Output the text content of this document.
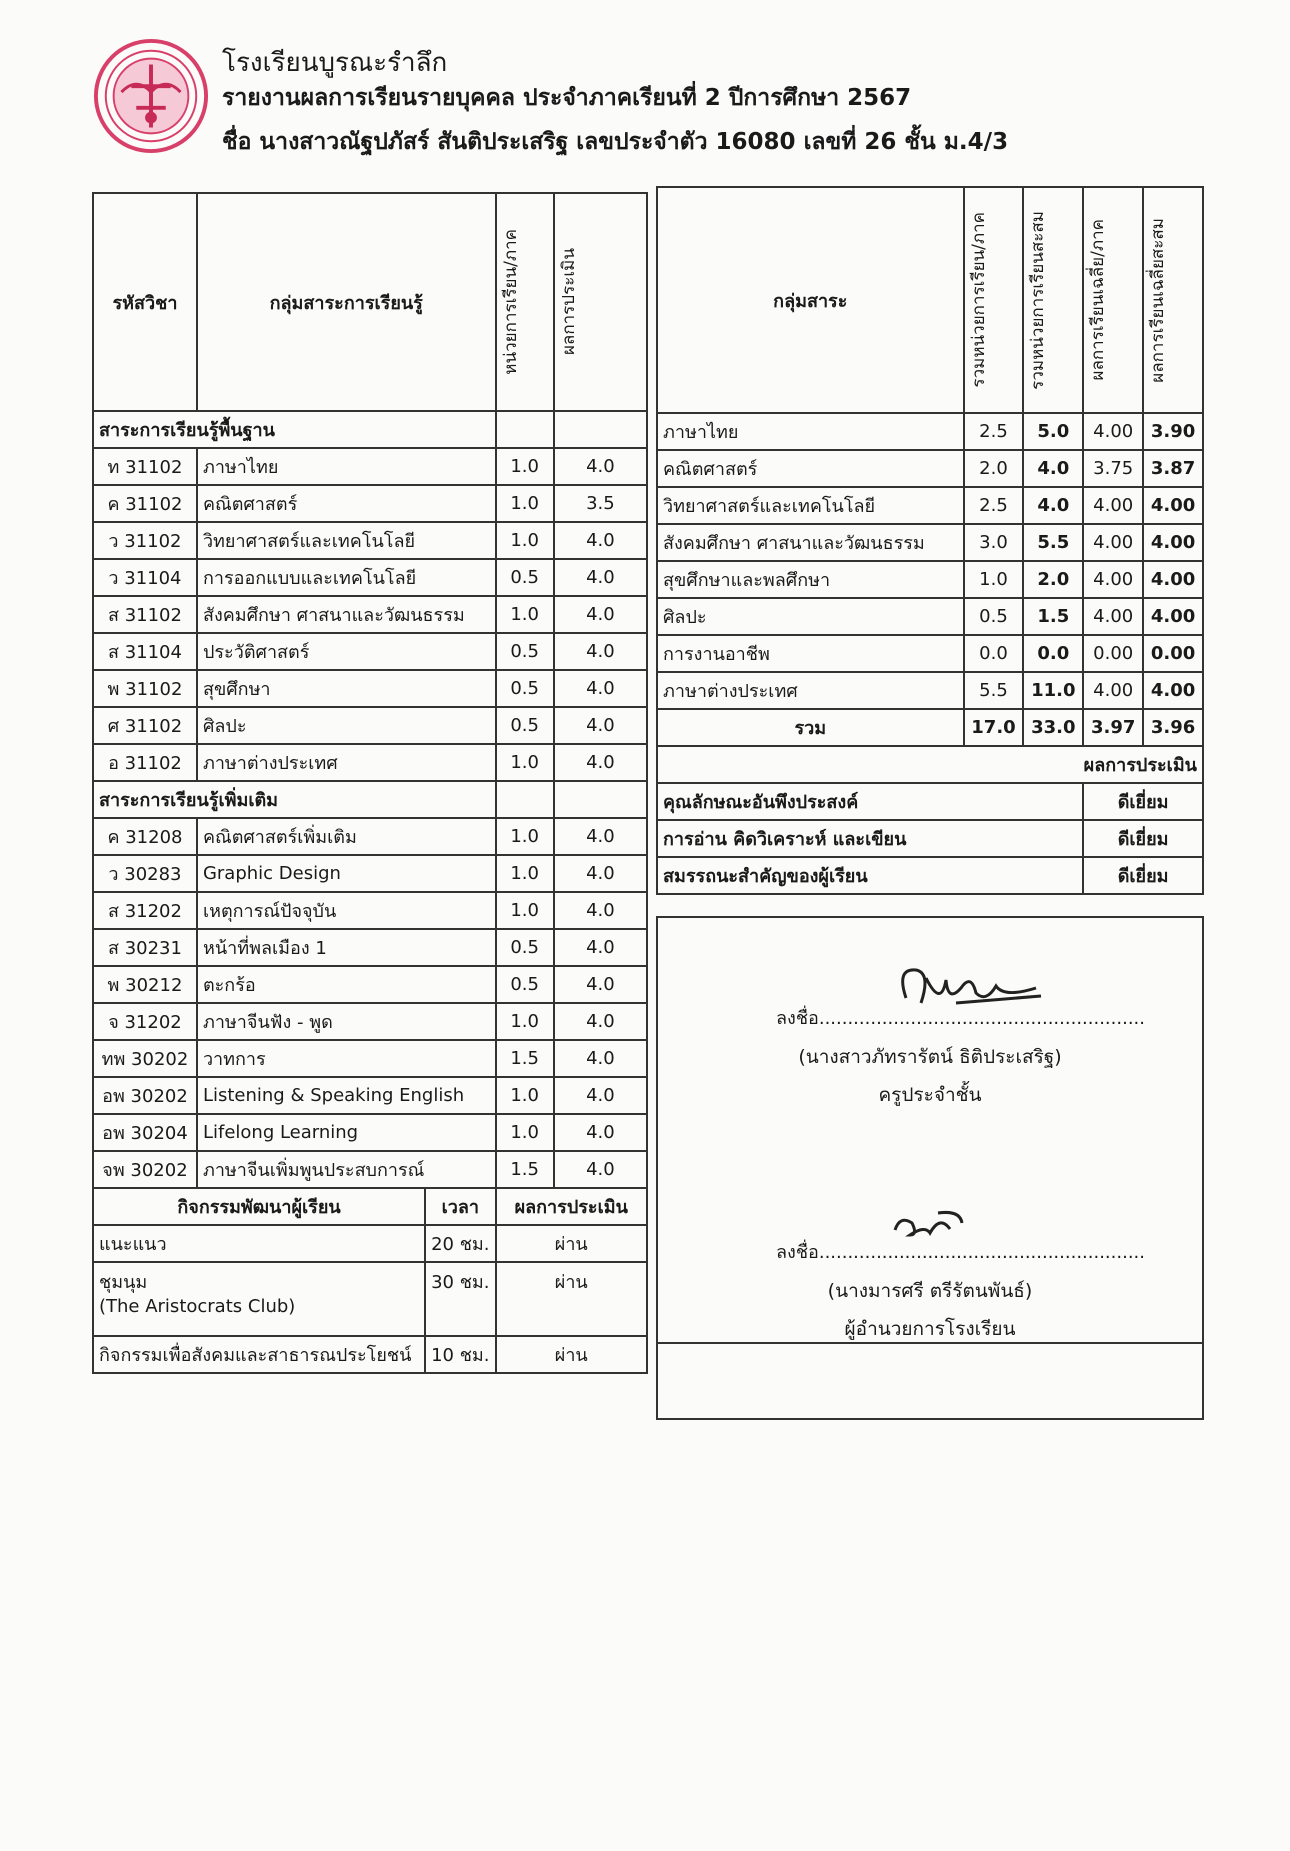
โรงเรียนบูรณะรำลึก
รายงานผลการเรียนรายบุคคล ประจำภาคเรียนที่ 2 ปีการศึกษา 2567
ชื่อ นางสาวณัฐปภัสร์ สันติประเสริฐ เลขประจำตัว 16080 เลขที่ 26 ชั้น ม.4/3
รหัสวิชา	กลุ่มสาระการเรียนรู้		หน่วยการเรียน/ภาค	ผลการประเมิน

สาระการเรียนรู้พื้นฐาน				
ท 31102	ภาษาไทย		1.0	4.0
ค 31102	คณิตศาสตร์		1.0	3.5
ว 31102	วิทยาศาสตร์และเทคโนโลยี		1.0	4.0
ว 31104	การออกแบบและเทคโนโลยี		0.5	4.0
ส 31102	สังคมศึกษา ศาสนาและวัฒนธรรม		1.0	4.0
ส 31104	ประวัติศาสตร์		0.5	4.0
พ 31102	สุขศึกษา		0.5	4.0
ศ 31102	ศิลปะ		0.5	4.0
อ 31102	ภาษาต่างประเทศ		1.0	4.0
สาระการเรียนรู้เพิ่มเติม				
ค 31208	คณิตศาสตร์เพิ่มเติม		1.0	4.0
ว 30283	Graphic Design		1.0	4.0
ส 31202	เหตุการณ์ปัจจุบัน		1.0	4.0
ส 30231	หน้าที่พลเมือง 1		0.5	4.0
พ 30212	ตะกร้อ		0.5	4.0
จ 31202	ภาษาจีนฟัง - พูด		1.0	4.0
ทพ 30202	วาทการ		1.5	4.0
อพ 30202	Listening & Speaking English		1.0	4.0
อพ 30204	Lifelong Learning		1.0	4.0
จพ 30202	ภาษาจีนเพิ่มพูนประสบการณ์		1.5	4.0
กิจกรรมพัฒนาผู้เรียน		เวลา	ผลการประเมิน	

แนะแนว		20 ชม.	ผ่าน	

ชุมนุม
(The Aristocrats Club)		30 ชม.	ผ่าน	

กิจกรรมเพื่อสังคมและสาธารณประโยชน์		10 ชม.	ผ่าน	
กลุ่มสาระ	รวมหน่วยการเรียน/ภาค	รวมหน่วยการเรียนสะสม	ผลการเรียนเฉลี่ย/ภาค	ผลการเรียนเฉลี่ยสะสม

ภาษาไทย	2.5	5.0	4.00	3.90
คณิตศาสตร์	2.0	4.0	3.75	3.87
วิทยาศาสตร์และเทคโนโลยี	2.5	4.0	4.00	4.00
สังคมศึกษา ศาสนาและวัฒนธรรม	3.0	5.5	4.00	4.00
สุขศึกษาและพลศึกษา	1.0	2.0	4.00	4.00
ศิลปะ	0.5	1.5	4.00	4.00
การงานอาชีพ	0.0	0.0	0.00	0.00
ภาษาต่างประเทศ	5.5	11.0	4.00	4.00
รวม	17.0	33.0	3.97	3.96
ผลการประเมิน				
คุณลักษณะอันพึงประสงค์			ดีเยี่ยม	
การอ่าน คิดวิเคราะห์ และเขียน			ดีเยี่ยม	
สมรรถนะสำคัญของผู้เรียน			ดีเยี่ยม	
ลงชื่อ.........................................................
(นางสาวภัทรารัตน์ ธิติประเสริฐ)
ครูประจำชั้น
ลงชื่อ.........................................................
(นางมารศรี ตรีรัตนพันธ์)
ผู้อำนวยการโรงเรียน
